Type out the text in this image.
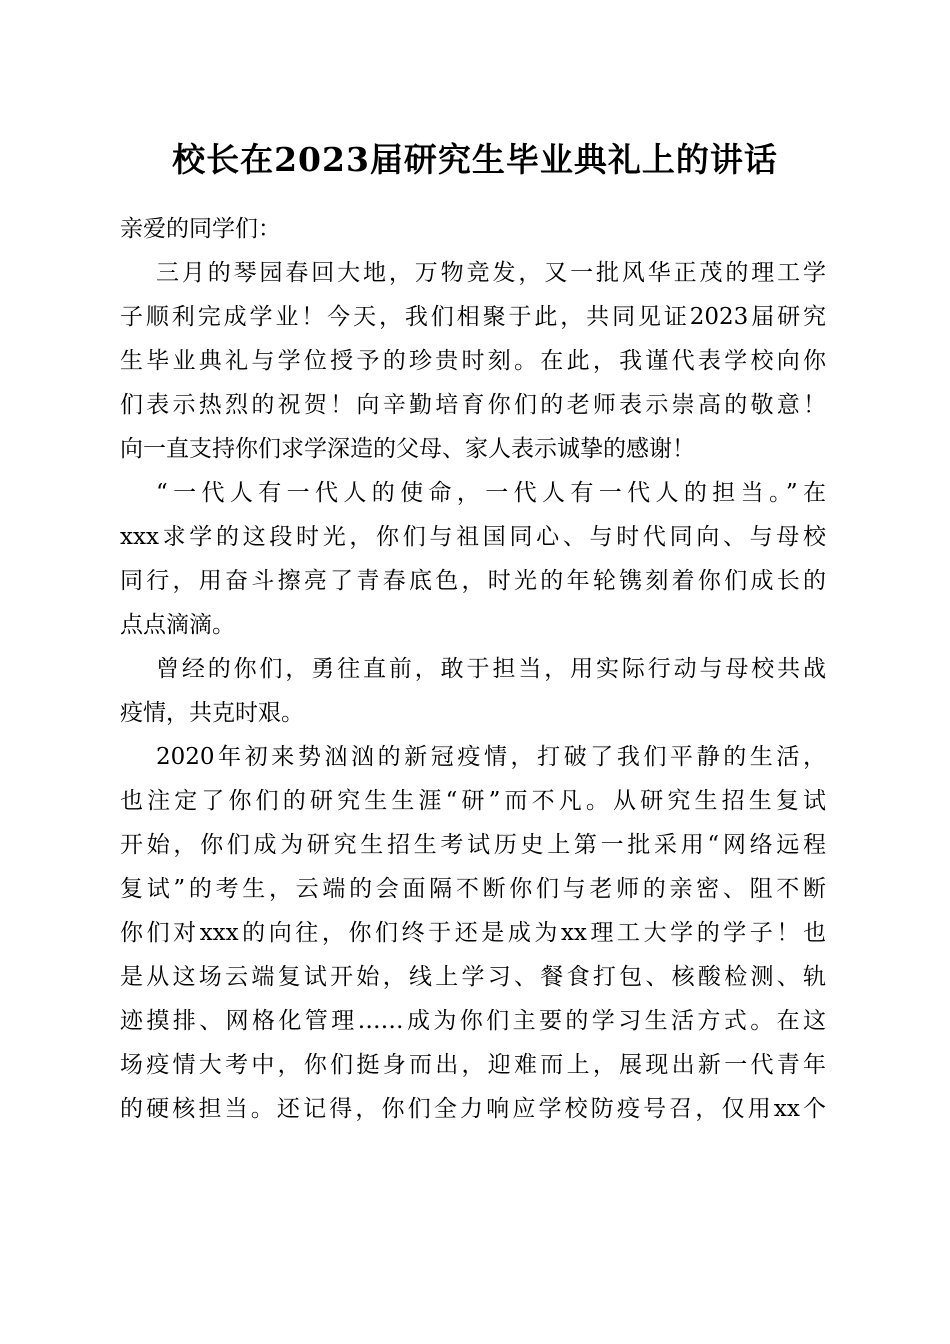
校长在2023届研究生毕业典礼上的讲话
亲爱的同学们：
三月的琴园春回大地，万物竞发，又一批风华正茂的理工学
子顺利完成学业！今天，我们相聚于此，共同见证2023届研究
生毕业典礼与学位授予的珍贵时刻。在此，我谨代表学校向你
们表示热烈的祝贺！向辛勤培育你们的老师表示崇高的敬意！
向一直支持你们求学深造的父母、家人表示诚挚的感谢！
“一代人有一代人的使命，一代人有一代人的担当。”在
xxx求学的这段时光，你们与祖国同心、与时代同向、与母校
同行，用奋斗擦亮了青春底色，时光的年轮镌刻着你们成长的
点点滴滴。
曾经的你们，勇往直前，敢于担当，用实际行动与母校共战
疫情，共克时艰。
2020年初来势汹汹的新冠疫情，打破了我们平静的生活，
也注定了你们的研究生生涯“研”而不凡。从研究生招生复试
开始，你们成为研究生招生考试历史上第一批采用“网络远程
复试”的考生，云端的会面隔不断你们与老师的亲密、阻不断
你们对xxx的向往，你们终于还是成为xx理工大学的学子！也
是从这场云端复试开始，线上学习、餐食打包、核酸检测、轨
迹摸排、网格化管理……成为你们主要的学习生活方式。在这
场疫情大考中，你们挺身而出，迎难而上，展现出新一代青年
的硬核担当。还记得，你们全力响应学校防疫号召，仅用xx个
